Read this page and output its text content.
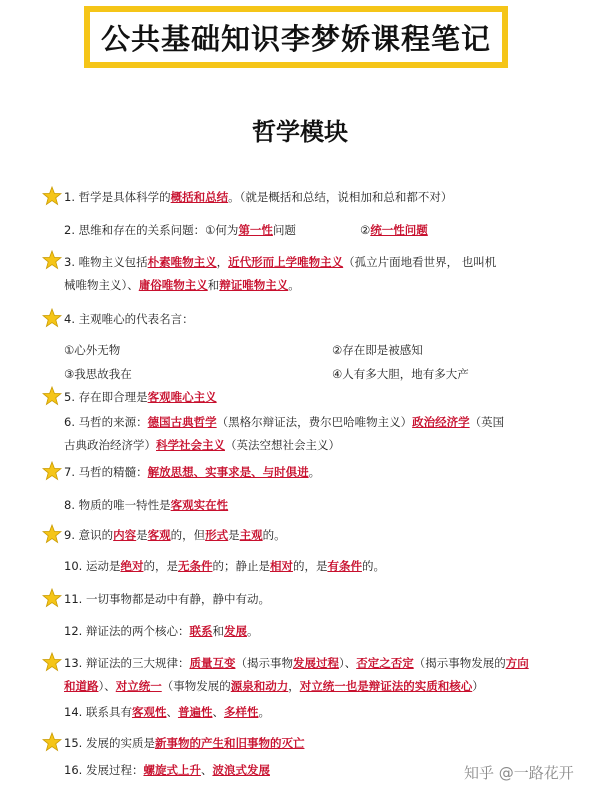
公共基础知识李梦娇课程笔记
哲学模块
1. 哲学是具体科学的概括和总结。（就是概括和总结，说相加和总和都不对）
2. 思维和存在的关系问题：①何为第一性问题	②统一性问题
3. 唯物主义包括朴素唯物主义，近代形而上学唯物主义（孤立片面地看世界， 也叫机
械唯物主义）、庸俗唯物主义和辩证唯物主义。
4. 主观唯心的代表名言：
①心外无物	②存在即是被感知
③我思故我在	④人有多大胆，地有多大产
5. 存在即合理是客观唯心主义
6. 马哲的来源：德国古典哲学（黑格尔辩证法，费尔巴哈唯物主义）政治经济学（英国
古典政治经济学）科学社会主义（英法空想社会主义）
7. 马哲的精髓：解放思想、实事求是、与时俱进。
8. 物质的唯一特性是客观实在性
9. 意识的内容是客观的，但形式是主观的。
10. 运动是绝对的，是无条件的；静止是相对的，是有条件的。
11. 一切事物都是动中有静，静中有动。
12. 辩证法的两个核心：联系和发展。
13. 辩证法的三大规律：质量互变（揭示事物发展过程）、否定之否定（揭示事物发展的方向
和道路）、对立统一（事物发展的源泉和动力，对立统一也是辩证法的实质和核心）
14. 联系具有客观性、普遍性、多样性。
15. 发展的实质是新事物的产生和旧事物的灭亡
16. 发展过程：螺旋式上升、波浪式发展	知乎 @一路花开
